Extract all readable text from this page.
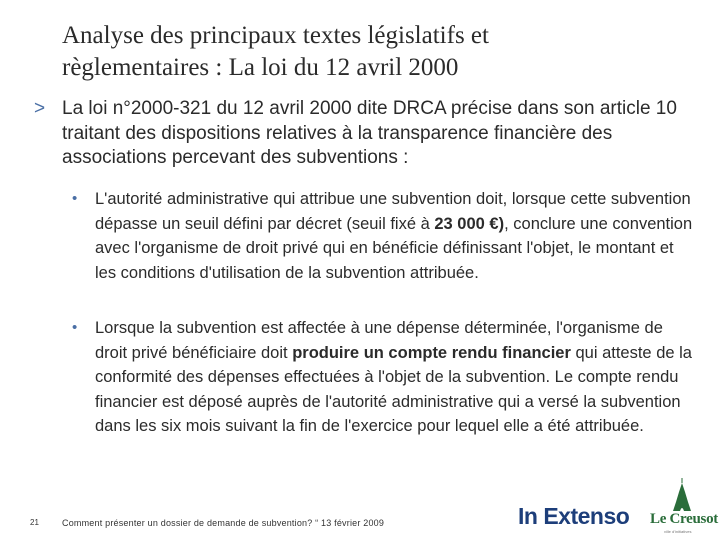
Analyse des principaux textes législatifs et
règlementaires : La loi du 12 avril 2000
> La loi n°2000-321 du 12 avril 2000 dite DRCA précise dans son article 10 traitant des dispositions relatives à la transparence financière des associations percevant des subventions :
• L'autorité administrative qui attribue une subvention doit, lorsque cette subvention dépasse un seuil défini par décret (seuil fixé à 23 000 €), conclure une convention avec l'organisme de droit privé qui en bénéficie définissant l'objet, le montant et les conditions d'utilisation de la subvention attribuée.
• Lorsque la subvention est affectée à une dépense déterminée, l'organisme de droit privé bénéficiaire doit produire un compte rendu financier qui atteste de la conformité des dépenses effectuées à l'objet de la subvention. Le compte rendu financier est déposé auprès de l'autorité administrative qui a versé la subvention dans les six mois suivant la fin de l'exercice pour lequel elle a été attribuée.
21	Comment présenter un dossier de demande de subvention? “ 13 février 2009	In Extenso Le Creusot
ville d'initiatives
